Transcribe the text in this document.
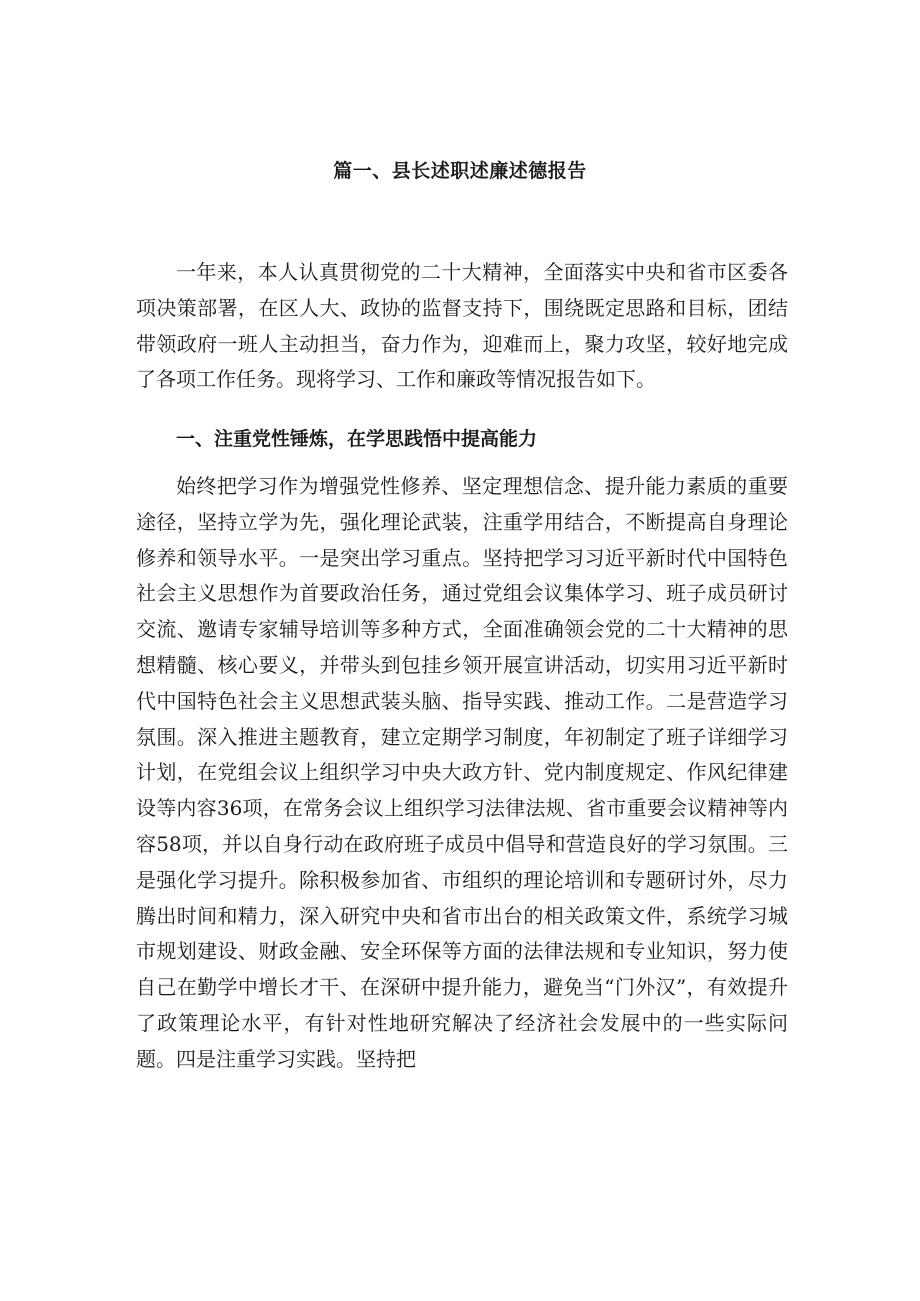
篇一、县长述职述廉述德报告

一年来，本人认真贯彻党的二十大精神，全面落实中央和省市区委各项决策部署，在区人大、政协的监督支持下，围绕既定思路和目标，团结带领政府一班人主动担当，奋力作为，迎难而上，聚力攻坚，较好地完成了各项工作任务。现将学习、工作和廉政等情况报告如下。

一、注重党性锤炼，在学思践悟中提高能力

始终把学习作为增强党性修养、坚定理想信念、提升能力素质的重要途径，坚持立学为先，强化理论武装，注重学用结合，不断提高自身理论修养和领导水平。一是突出学习重点。坚持把学习习近平新时代中国特色社会主义思想作为首要政治任务，通过党组会议集体学习、班子成员研讨交流、邀请专家辅导培训等多种方式，全面准确领会党的二十大精神的思想精髓、核心要义，并带头到包挂乡领开展宣讲活动，切实用习近平新时代中国特色社会主义思想武装头脑、指导实践、推动工作。二是营造学习氛围。深入推进主题教育，建立定期学习制度，年初制定了班子详细学习计划，在党组会议上组织学习中央大政方针、党内制度规定、作风纪律建设等内容36项，在常务会议上组织学习法律法规、省市重要会议精神等内容58项，并以自身行动在政府班子成员中倡导和营造良好的学习氛围。三是强化学习提升。除积极参加省、市组织的理论培训和专题研讨外，尽力腾出时间和精力，深入研究中央和省市出台的相关政策文件，系统学习城市规划建设、财政金融、安全环保等方面的法律法规和专业知识，努力使自己在勤学中增长才干、在深研中提升能力，避免当“门外汉”，有效提升了政策理论水平，有针对性地研究解决了经济社会发展中的一些实际问题。四是注重学习实践。坚持把
